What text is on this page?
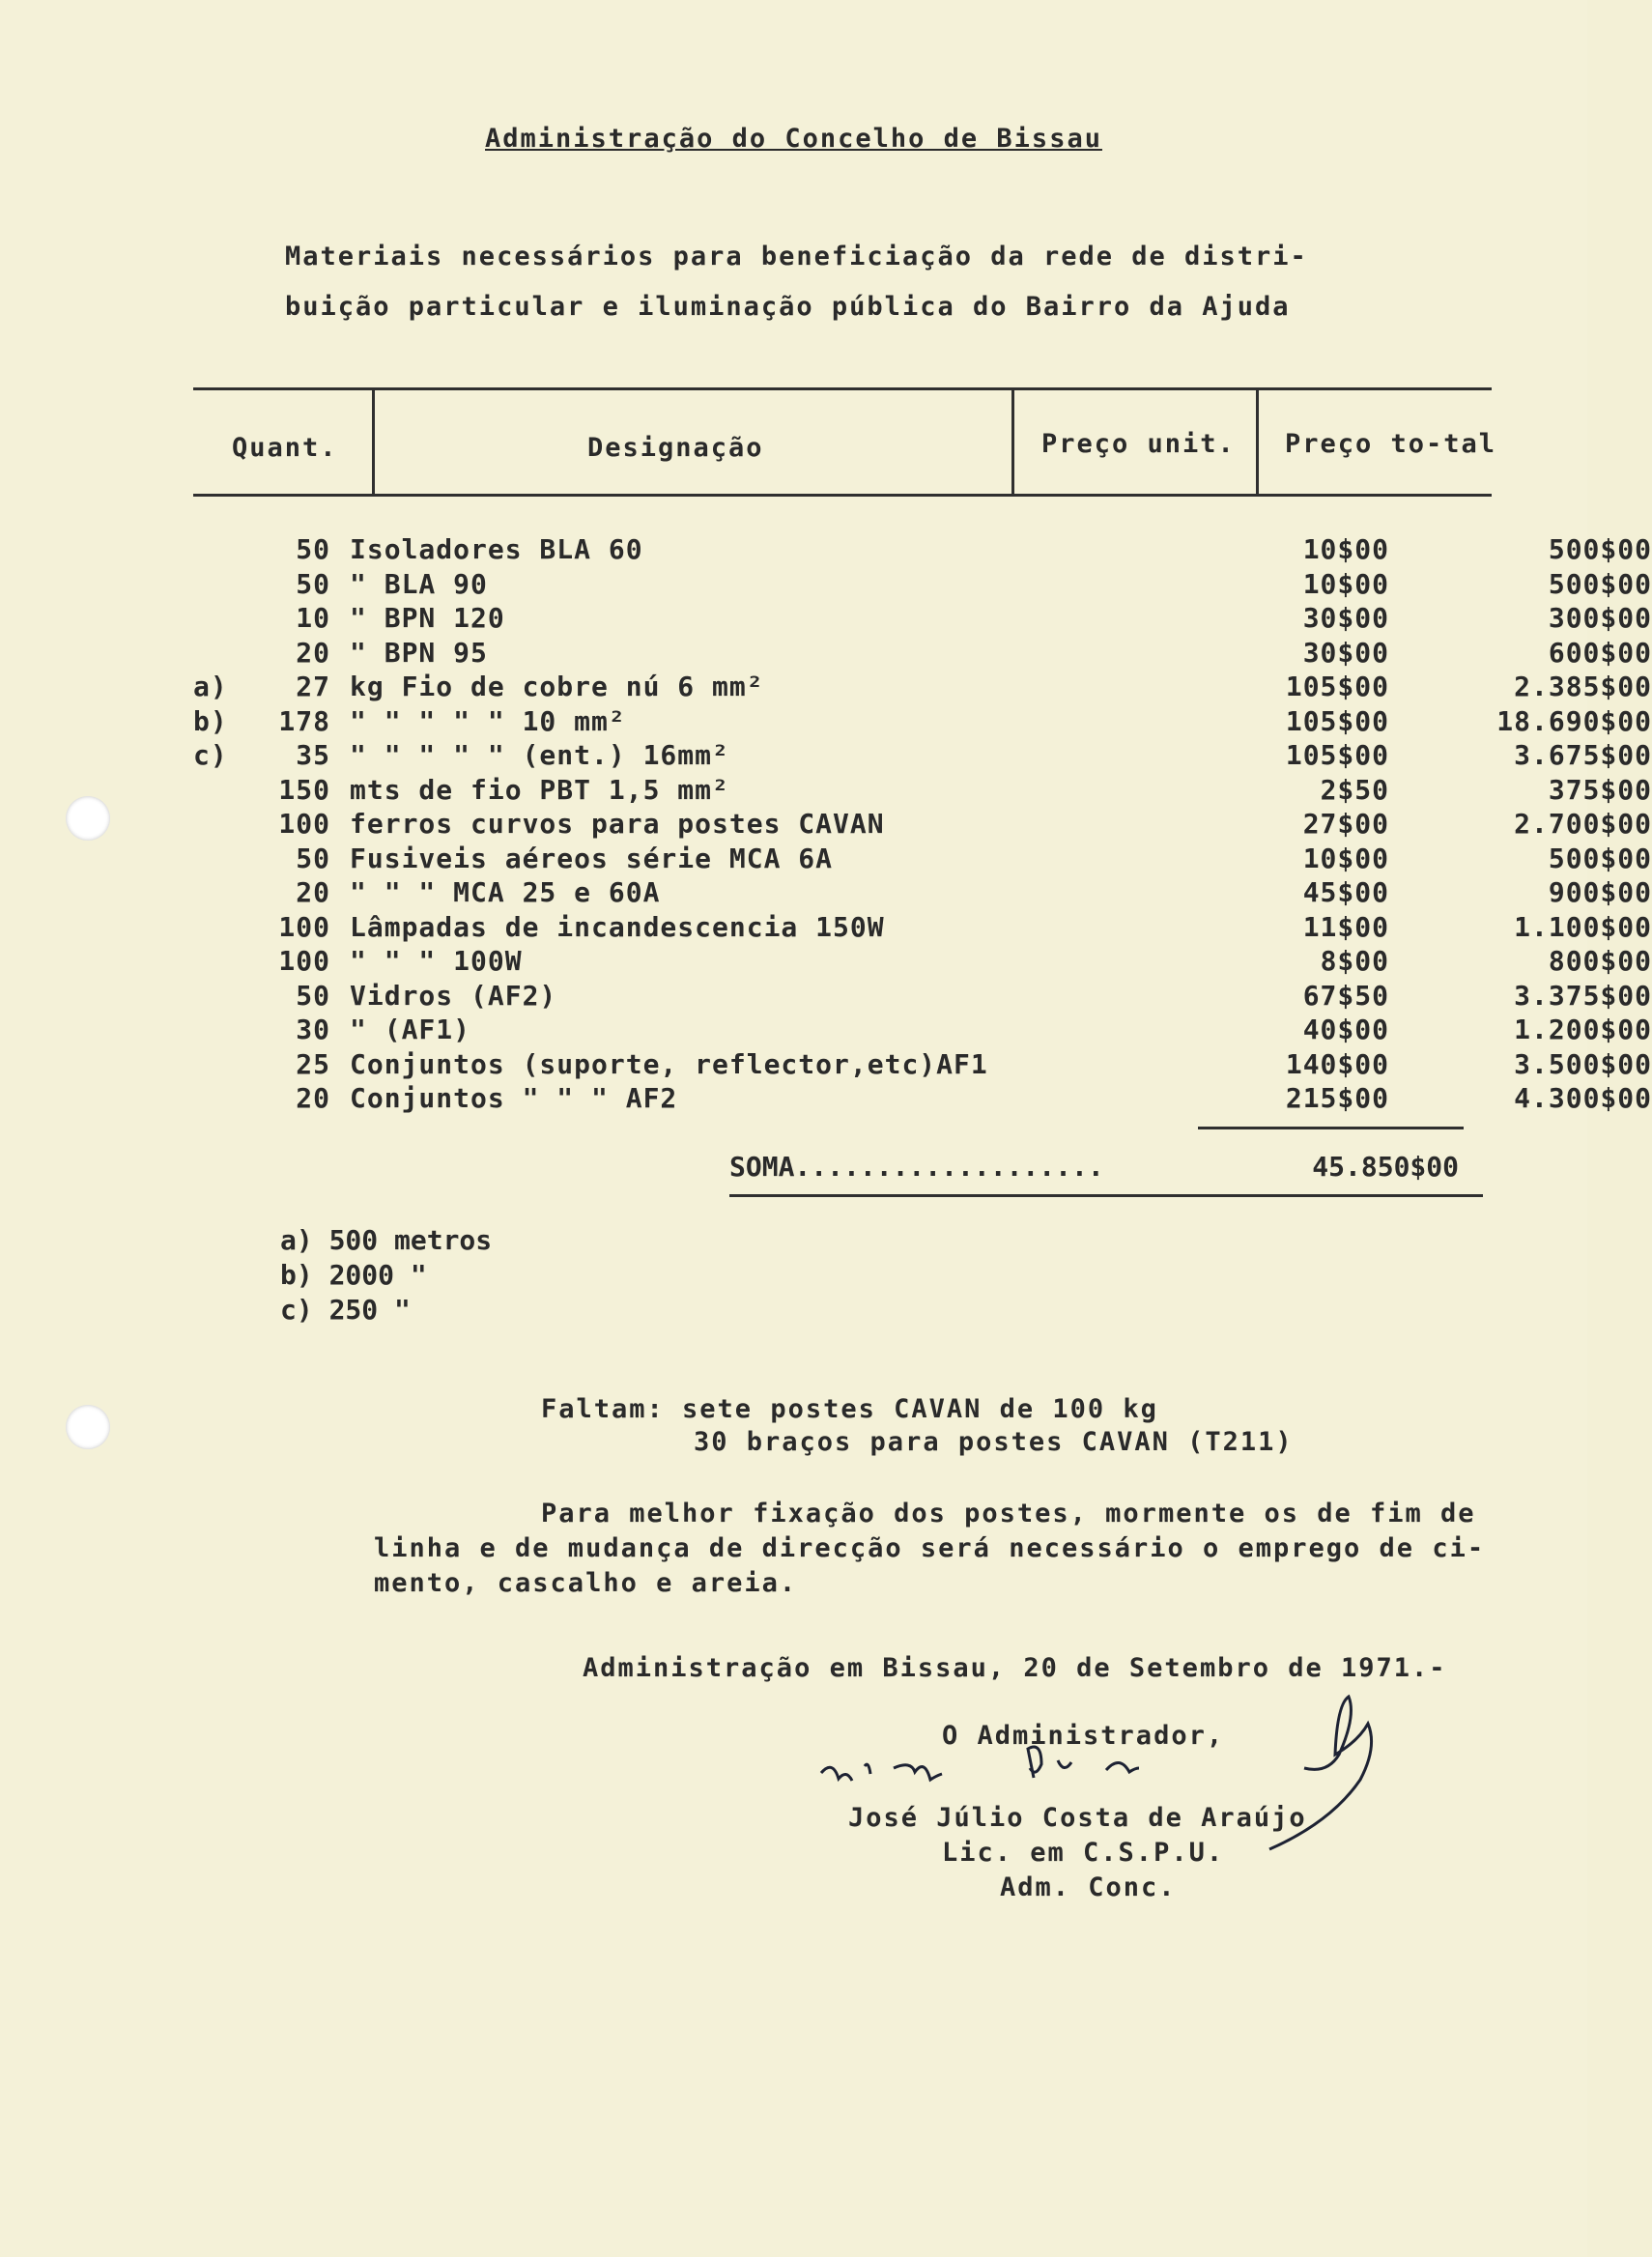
Administração do Concelho de Bissau
Materiais necessários para beneficiação da rede de distri-
buição particular e iluminação pública do Bairro da Ajuda
Quant.	Designação	Preço unit. Preço to-tal
50 Isoladores BLA 60	10$00	500$00
50 " BLA 90	10$00	500$00
10 " BPN 120	30$00	300$00
20 " BPN 95	30$00	600$00
a)	27 kg Fio de cobre nú 6 mm²	105$00	2.385$00
b)	178 " " " " " 10 mm²	105$00	18.690$00
c)	35 " " " " " (ent.) 16mm²	105$00	3.675$00
150 mts de fio PBT 1,5 mm²	2$50	375$00
100 ferros curvos para postes CAVAN	27$00	2.700$00
50 Fusiveis aéreos série MCA 6A	10$00	500$00
20 " " " MCA 25 e 60A	45$00	900$00
100 Lâmpadas de incandescencia 150W	11$00	1.100$00
100 " " " 100W	8$00	800$00
50 Vidros (AF2)	67$50	3.375$00
30 " (AF1)	40$00	1.200$00
25 Conjuntos (suporte, reflector,etc)AF1	140$00	3.500$00
20 Conjuntos " " " AF2	215$00	4.300$00
SOMA...................	45.850$00
a) 500 metros
b) 2000 "
c) 250 "
Faltam: sete postes CAVAN de 100 kg
30 braços para postes CAVAN (T211)
Para melhor fixação dos postes, mormente os de fim de
linha e de mudança de direcção será necessário o emprego de ci-
mento, cascalho e areia.
Administração em Bissau, 20 de Setembro de 1971.-
O Administrador,
José Júlio Costa de Araújo
Lic. em C.S.P.U.
Adm. Conc.
